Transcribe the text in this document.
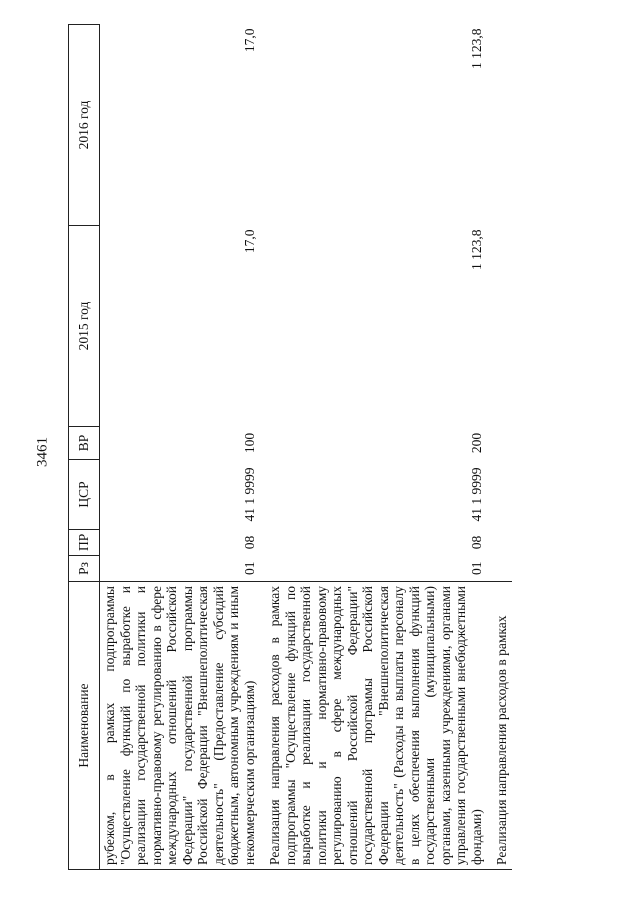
3461
Наименование	Рз	ПР	ЦСР	ВР	2015 год	2016 год
рубежом, в рамках подпрограммы "Осуществление функций по выработке и реализации государственной политики и нормативно-правовому регулированию в сфере международных отношений Российской Федерации" государственной программы Российской Федерации "Внешнеполитическая деятельность" (Предоставление субсидий бюджетным, автономным учреждениям и иным некоммерческим организациям)	01	08	41 1 9999	100	17,0	17,0
Реализация направления расходов в рамках подпрограммы "Осуществление функций по выработке и реализации государственной политики и нормативно-правовому регулированию в сфере международных отношений Российской Федерации" государственной программы Российской Федерации "Внешнеполитическая деятельность" (Расходы на выплаты персоналу в целях обеспечения выполнения функций государственными (муниципальными) органами, казенными учреждениями, органами управления государственными внебюджетными фондами)	01	08	41 1 9999	200	1 123,8	1 123,8
Реализация направления расходов в рамках						
